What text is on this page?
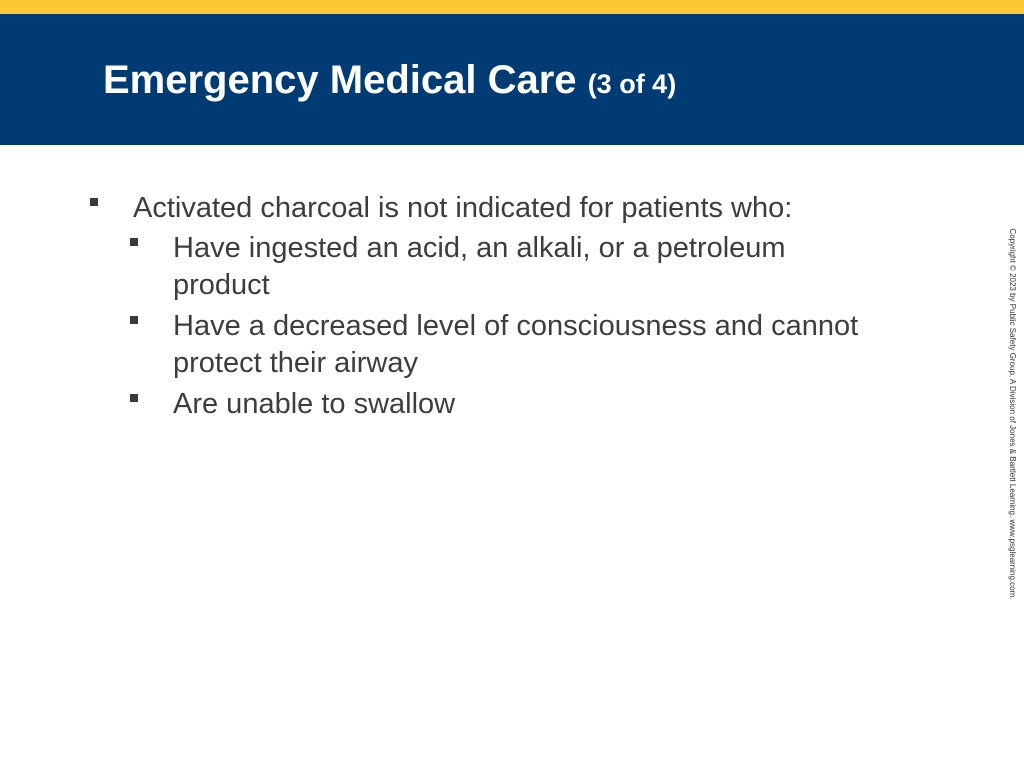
Emergency Medical Care (3 of 4)
Activated charcoal is not indicated for patients who:
Have ingested an acid, an alkali, or a petroleum
product
Have a decreased level of consciousness and cannot
protect their airway
Are unable to swallow	Copyright © 2023 by Public Safety Group, A Division of Jones & Bartlett Learning. www.psglearning.com.
